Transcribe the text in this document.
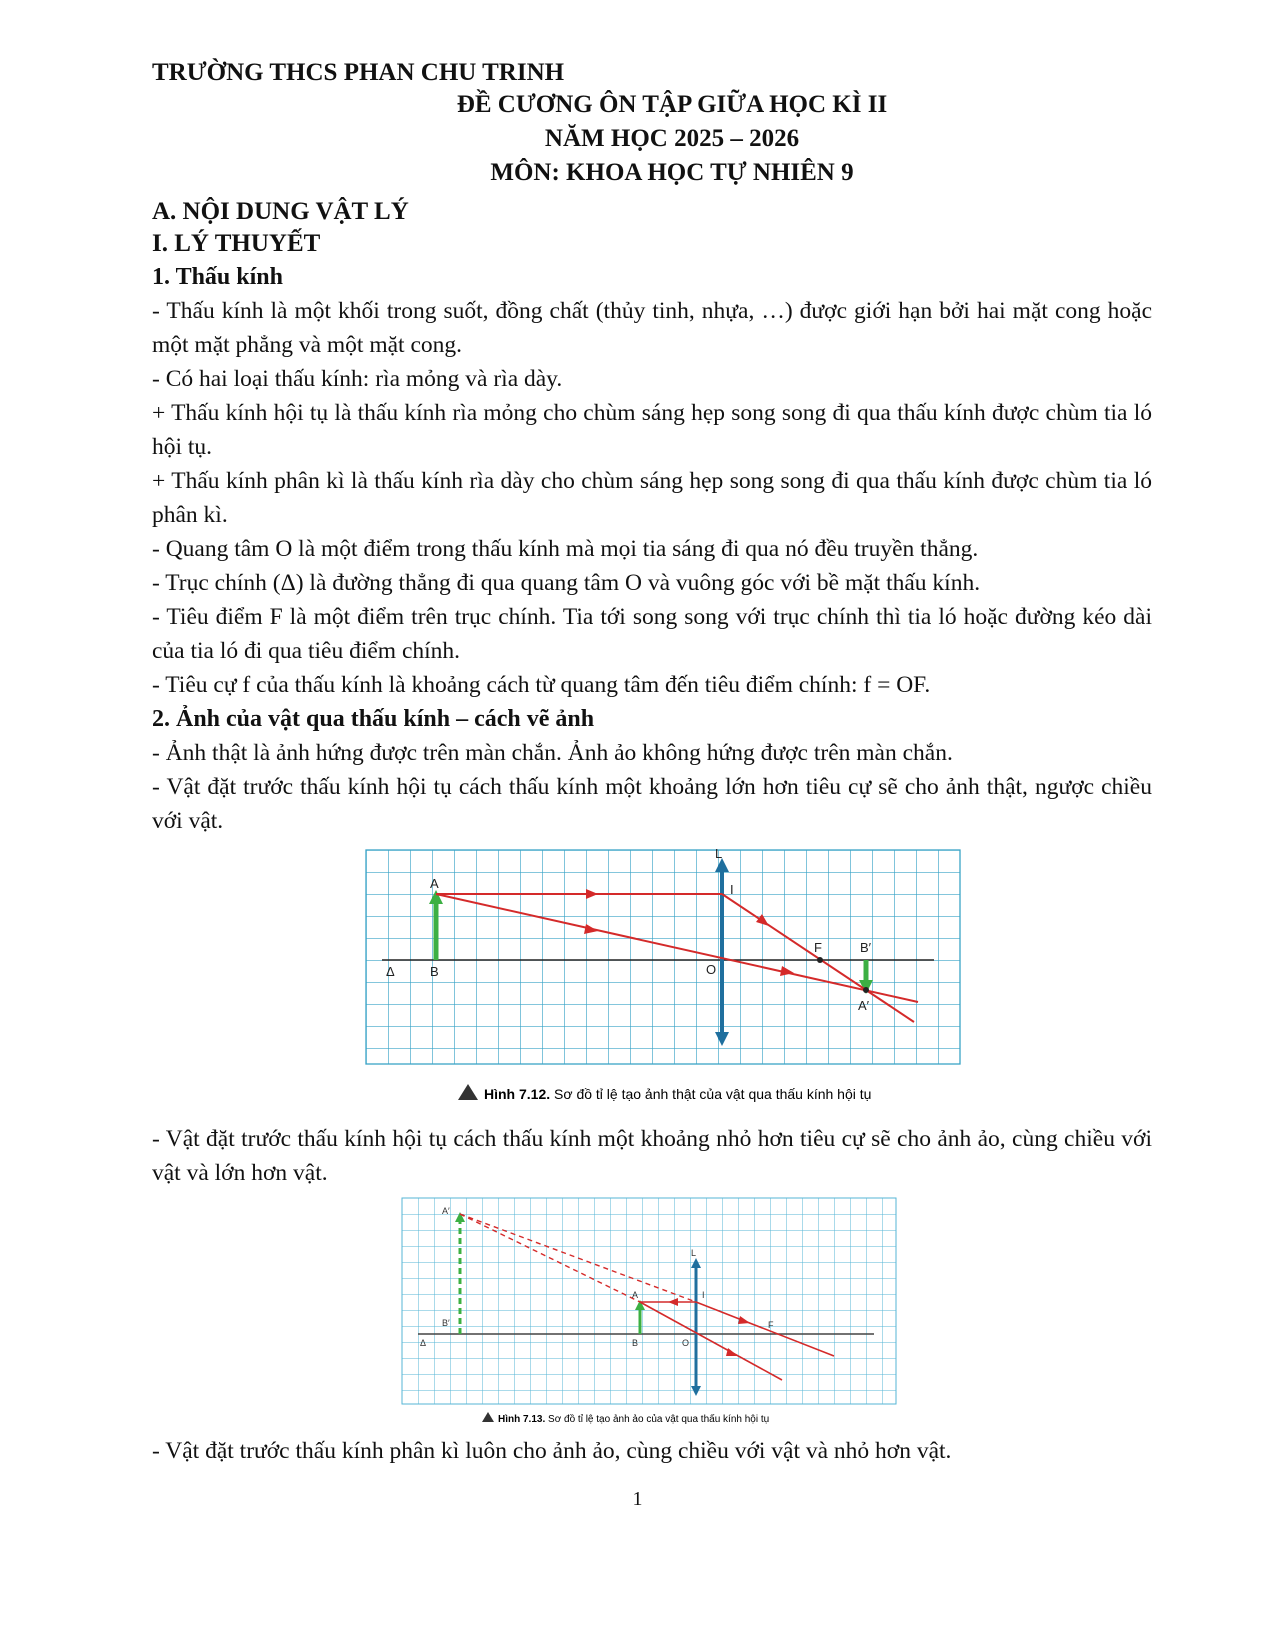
TRƯỜNG THCS PHAN CHU TRINH

ĐỀ CƯƠNG ÔN TẬP GIỮA HỌC KÌ II

NĂM HỌC 2025 – 2026

MÔN: KHOA HỌC TỰ NHIÊN 9

A. NỘI DUNG VẬT LÝ

I. LÝ THUYẾT

1. Thấu kính

- Thấu kính là một khối trong suốt, đồng chất (thủy tinh, nhựa, …) được giới hạn bởi hai mặt cong hoặc một mặt phẳng và một mặt cong.

- Có hai loại thấu kính: rìa mỏng và rìa dày.

+ Thấu kính hội tụ là thấu kính rìa mỏng cho chùm sáng hẹp song song đi qua thấu kính được chùm tia ló hội tụ.

+ Thấu kính phân kì là thấu kính rìa dày cho chùm sáng hẹp song song đi qua thấu kính được chùm tia ló phân kì.

- Quang tâm O là một điểm trong thấu kính mà mọi tia sáng đi qua nó đều truyền thẳng.

- Trục chính (Δ) là đường thẳng đi qua quang tâm O và vuông góc với bề mặt thấu kính.

- Tiêu điểm F là một điểm trên trục chính. Tia tới song song với trục chính thì tia ló hoặc đường kéo dài của tia ló đi qua tiêu điểm chính.

- Tiêu cự f của thấu kính là khoảng cách từ quang tâm đến tiêu điểm chính: f = OF.

2. Ảnh của vật qua thấu kính – cách vẽ ảnh

- Ảnh thật là ảnh hứng được trên màn chắn. Ảnh ảo không hứng được trên màn chắn.

- Vật đặt trước thấu kính hội tụ cách thấu kính một khoảng lớn hơn tiêu cự sẽ cho ảnh thật, ngược chiều với vật.

A
B
I
L
O
F	B′
A′
Δ
Hình 7.12. Sơ đồ tỉ lệ tạo ảnh thật của vật qua thấu kính hội tụ

- Vật đặt trước thấu kính hội tụ cách thấu kính một khoảng nhỏ hơn tiêu cự sẽ cho ảnh ảo, cùng chiều với vật và lớn hơn vật.

A′
B′
A
B
I
L
O
F
Δ
Hình 7.13. Sơ đồ tỉ lệ tạo ảnh ảo của vật qua thấu kính hội tụ

- Vật đặt trước thấu kính phân kì luôn cho ảnh ảo, cùng chiều với vật và nhỏ hơn vật.

1
